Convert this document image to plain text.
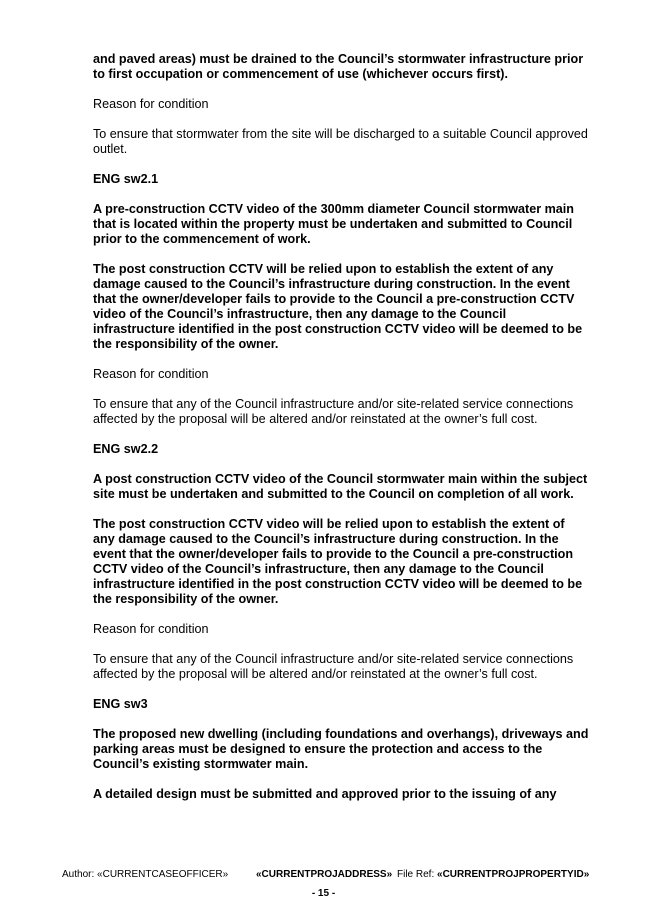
and paved areas) must be drained to the Council’s stormwater infrastructure prior to first occupation or commencement of use (whichever occurs first).

Reason for condition

To ensure that stormwater from the site will be discharged to a suitable Council approved outlet.

ENG sw2.1

A pre-construction CCTV video of the 300mm diameter Council stormwater main that is located within the property must be undertaken and submitted to Council prior to the commencement of work.

The post construction CCTV will be relied upon to establish the extent of any damage caused to the Council’s infrastructure during construction. In the event that the owner/developer fails to provide to the Council a pre-construction CCTV video of the Council’s infrastructure, then any damage to the Council infrastructure identified in the post construction CCTV video will be deemed to be the responsibility of the owner.

Reason for condition

To ensure that any of the Council infrastructure and/or site-related service connections affected by the proposal will be altered and/or reinstated at the owner’s full cost.

ENG sw2.2

A post construction CCTV video of the Council stormwater main within the subject site must be undertaken and submitted to the Council on completion of all work.

The post construction CCTV video will be relied upon to establish the extent of any damage caused to the Council’s infrastructure during construction. In the event that the owner/developer fails to provide to the Council a pre-construction CCTV video of the Council’s infrastructure, then any damage to the Council infrastructure identified in the post construction CCTV video will be deemed to be the responsibility of the owner.

Reason for condition

To ensure that any of the Council infrastructure and/or site-related service connections affected by the proposal will be altered and/or reinstated at the owner’s full cost.

ENG sw3

The proposed new dwelling (including foundations and overhangs), driveways and parking areas must be designed to ensure the protection and access to the Council’s existing stormwater main.

A detailed design must be submitted and approved prior to the issuing of any

Author: «CURRENTCASEOFFICER»	«CURRENTPROJADDRESS» File Ref: «CURRENTPROJPROPERTYID»
- 15 -
